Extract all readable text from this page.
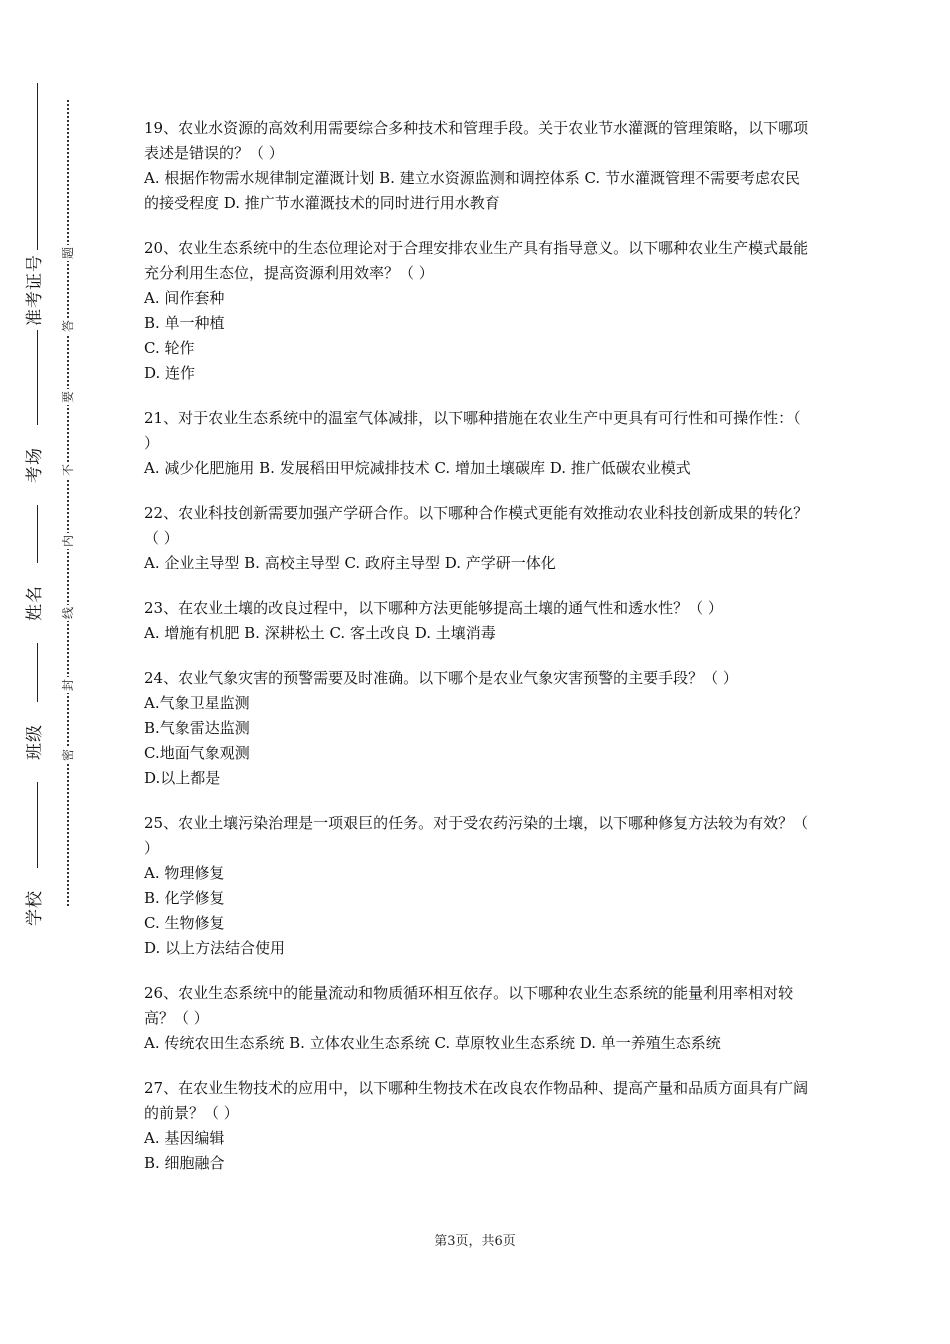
准考证号
考场
姓名
班级
学校
题
答
要
不
内
线
封
密

19、农业水资源的高效利用需要综合多种技术和管理手段。关于农业节水灌溉的管理策略，以下哪项表述是错误的？（ ）

A. 根据作物需水规律制定灌溉计划 B. 建立水资源监测和调控体系 C. 节水灌溉管理不需要考虑农民的接受程度 D. 推广节水灌溉技术的同时进行用水教育

20、农业生态系统中的生态位理论对于合理安排农业生产具有指导意义。以下哪种农业生产模式最能充分利用生态位，提高资源利用效率？（ ）

A. 间作套种
B. 单一种植
C. 轮作
D. 连作

21、对于农业生态系统中的温室气体减排，以下哪种措施在农业生产中更具有可行性和可操作性：（ ）

A. 减少化肥施用 B. 发展稻田甲烷减排技术 C. 增加土壤碳库 D. 推广低碳农业模式

22、农业科技创新需要加强产学研合作。以下哪种合作模式更能有效推动农业科技创新成果的转化？（ ）

A. 企业主导型 B. 高校主导型 C. 政府主导型 D. 产学研一体化

23、在农业土壤的改良过程中，以下哪种方法更能够提高土壤的通气性和透水性？（ ）

A. 增施有机肥 B. 深耕松土 C. 客土改良 D. 土壤消毒

24、农业气象灾害的预警需要及时准确。以下哪个是农业气象灾害预警的主要手段？（ ）

A.气象卫星监测
B.气象雷达监测
C.地面气象观测
D.以上都是

25、农业土壤污染治理是一项艰巨的任务。对于受农药污染的土壤，以下哪种修复方法较为有效？（ ）

A. 物理修复
B. 化学修复
C. 生物修复
D. 以上方法结合使用

26、农业生态系统中的能量流动和物质循环相互依存。以下哪种农业生态系统的能量利用率相对较高？（ ）

A. 传统农田生态系统 B. 立体农业生态系统 C. 草原牧业生态系统 D. 单一养殖生态系统

27、在农业生物技术的应用中，以下哪种生物技术在改良农作物品种、提高产量和品质方面具有广阔的前景？（ ）

A. 基因编辑
B. 细胞融合
第3页，共6页
